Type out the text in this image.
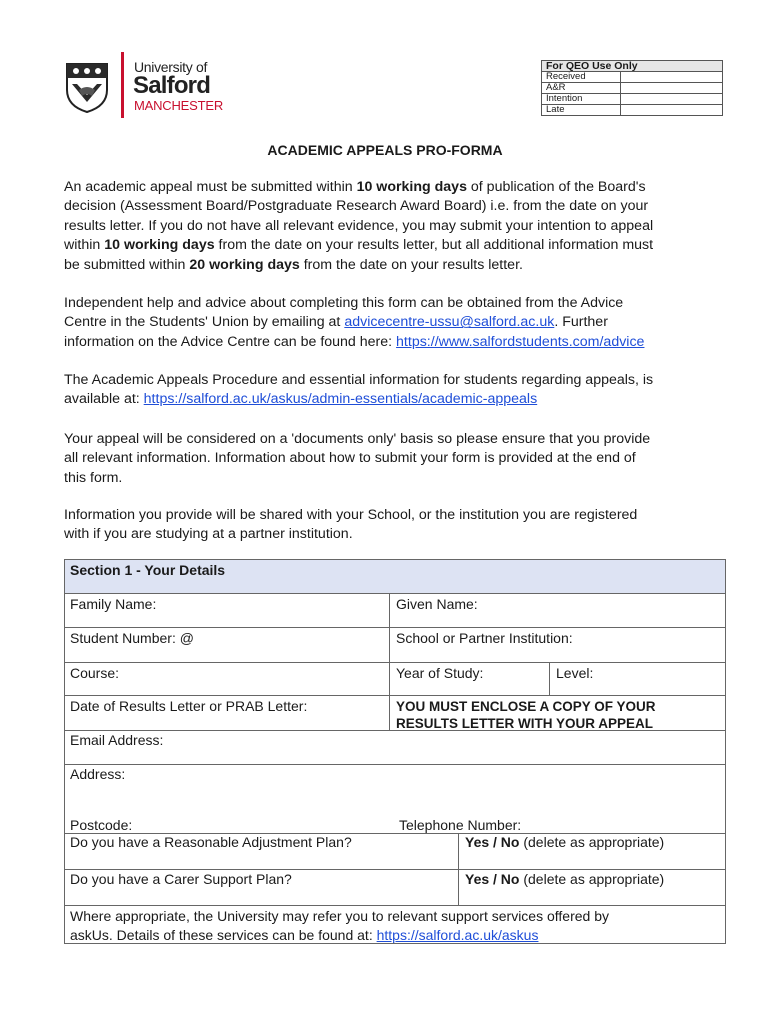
University of
Salford
MANCHESTER
For QEO Use Only	
Received	
A&R	
Intention	
Late	
ACADEMIC APPEALS PRO-FORMA
An academic appeal must be submitted within 10 working days of publication of the Board's
decision (Assessment Board/Postgraduate Research Award Board) i.e. from the date on your
results letter. If you do not have all relevant evidence, you may submit your intention to appeal
within 10 working days from the date on your results letter, but all additional information must
be submitted within 20 working days from the date on your results letter.
Independent help and advice about completing this form can be obtained from the Advice
Centre in the Students' Union by emailing at advicecentre-ussu@salford.ac.uk. Further
information on the Advice Centre can be found here: https://www.salfordstudents.com/advice
The Academic Appeals Procedure and essential information for students regarding appeals, is
available at: https://salford.ac.uk/askus/admin-essentials/academic-appeals
Your appeal will be considered on a 'documents only' basis so please ensure that you provide
all relevant information. Information about how to submit your form is provided at the end of
this form.
Information you provide will be shared with your School, or the institution you are registered
with if you are studying at a partner institution.
Section 1 - Your Details
Family Name:	Given Name:
Student Number: @	School or Partner Institution:
Course:	Year of Study:	Level:
Date of Results Letter or PRAB Letter:	YOU MUST ENCLOSE A COPY OF YOUR
RESULTS LETTER WITH YOUR APPEAL
Email Address:
Address:
Postcode:	Telephone Number:
Do you have a Reasonable Adjustment Plan?	Yes / No (delete as appropriate)
Do you have a Carer Support Plan?	Yes / No (delete as appropriate)
Where appropriate, the University may refer you to relevant support services offered by
askUs. Details of these services can be found at: https://salford.ac.uk/askus
